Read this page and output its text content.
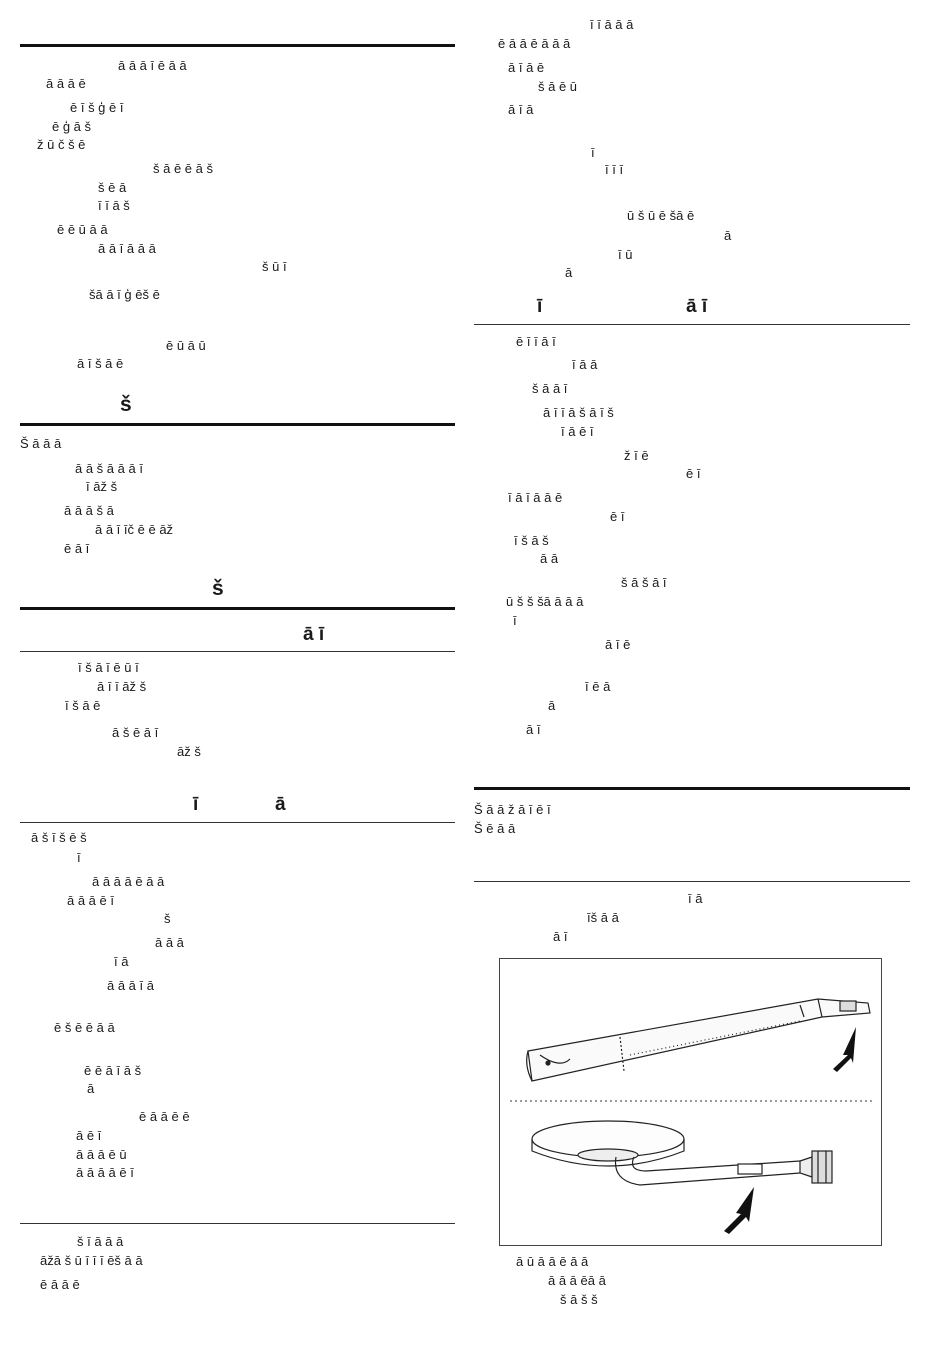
ā ā ā ī ē ā ā
ā ā ā ē
ē ī š ģ ē ī
ē ģ ā š
ž ū č š ē
š ā ē ē ā š
š ē ā
ī ī ā š
ē ē ū ā ā
ā ā ī ā ā ā
š ū ī
šā ā ī ģ ēš ē
ē ū ā ū
ā ī š ā ē
š
Š ā ā ā
ā ā š ā ā ā ī
ī āž š
ā ā ā š ā
ā ā ī īč ē ē āž
ē ā ī
š
ā ī
ī š ā ī ē ū ī
ā ī ī āž š
ī š ā ē
ā š ē ā ī
āž š
ī	ā
ā š ī š ē š
ī
ā ā ā ā ē ā ā
ā ā ā ē ī
š
ā ā ā
ī ā
ā ā ā ī ā
ē š ē ē ā ā
ē ē ā ī ā š
ā
ē ā ā ē ē
ā ē ī
ā ā ā ē ū
ā ā ā ā ē ī
š ī ā ā ā
āžā š ū ī ī ī ēš ā ā
ē ā ā ē
ī ī ā ā ā
ē ā ā ē ā ā ā
ā ī ā ē
š ā ē ū
ā ī ā
ī
ī ī ī
ū š ū ē šā ē
ā
ī ū
ā
ī	ā ī
ē ī ī ā ī
ī ā ā
š ā ā ī
ā ī ī ā š ā ī š
ī ā ē ī
ž ī ē
ē ī
ī ā ī ā ā ē
ē ī
ī š ā š
ā ā
š ā š ā ī
ū š š šā ā ā ā
ī
ā ī ē
ī ē ā
ā
ā ī
Š ā ā ž ā ī ē ī
Š ē ā ā
ī ā
īš ā ā
ā ī
ā ū ā ā ē ā ā
ā ā ā ēā ā
š ā š š
